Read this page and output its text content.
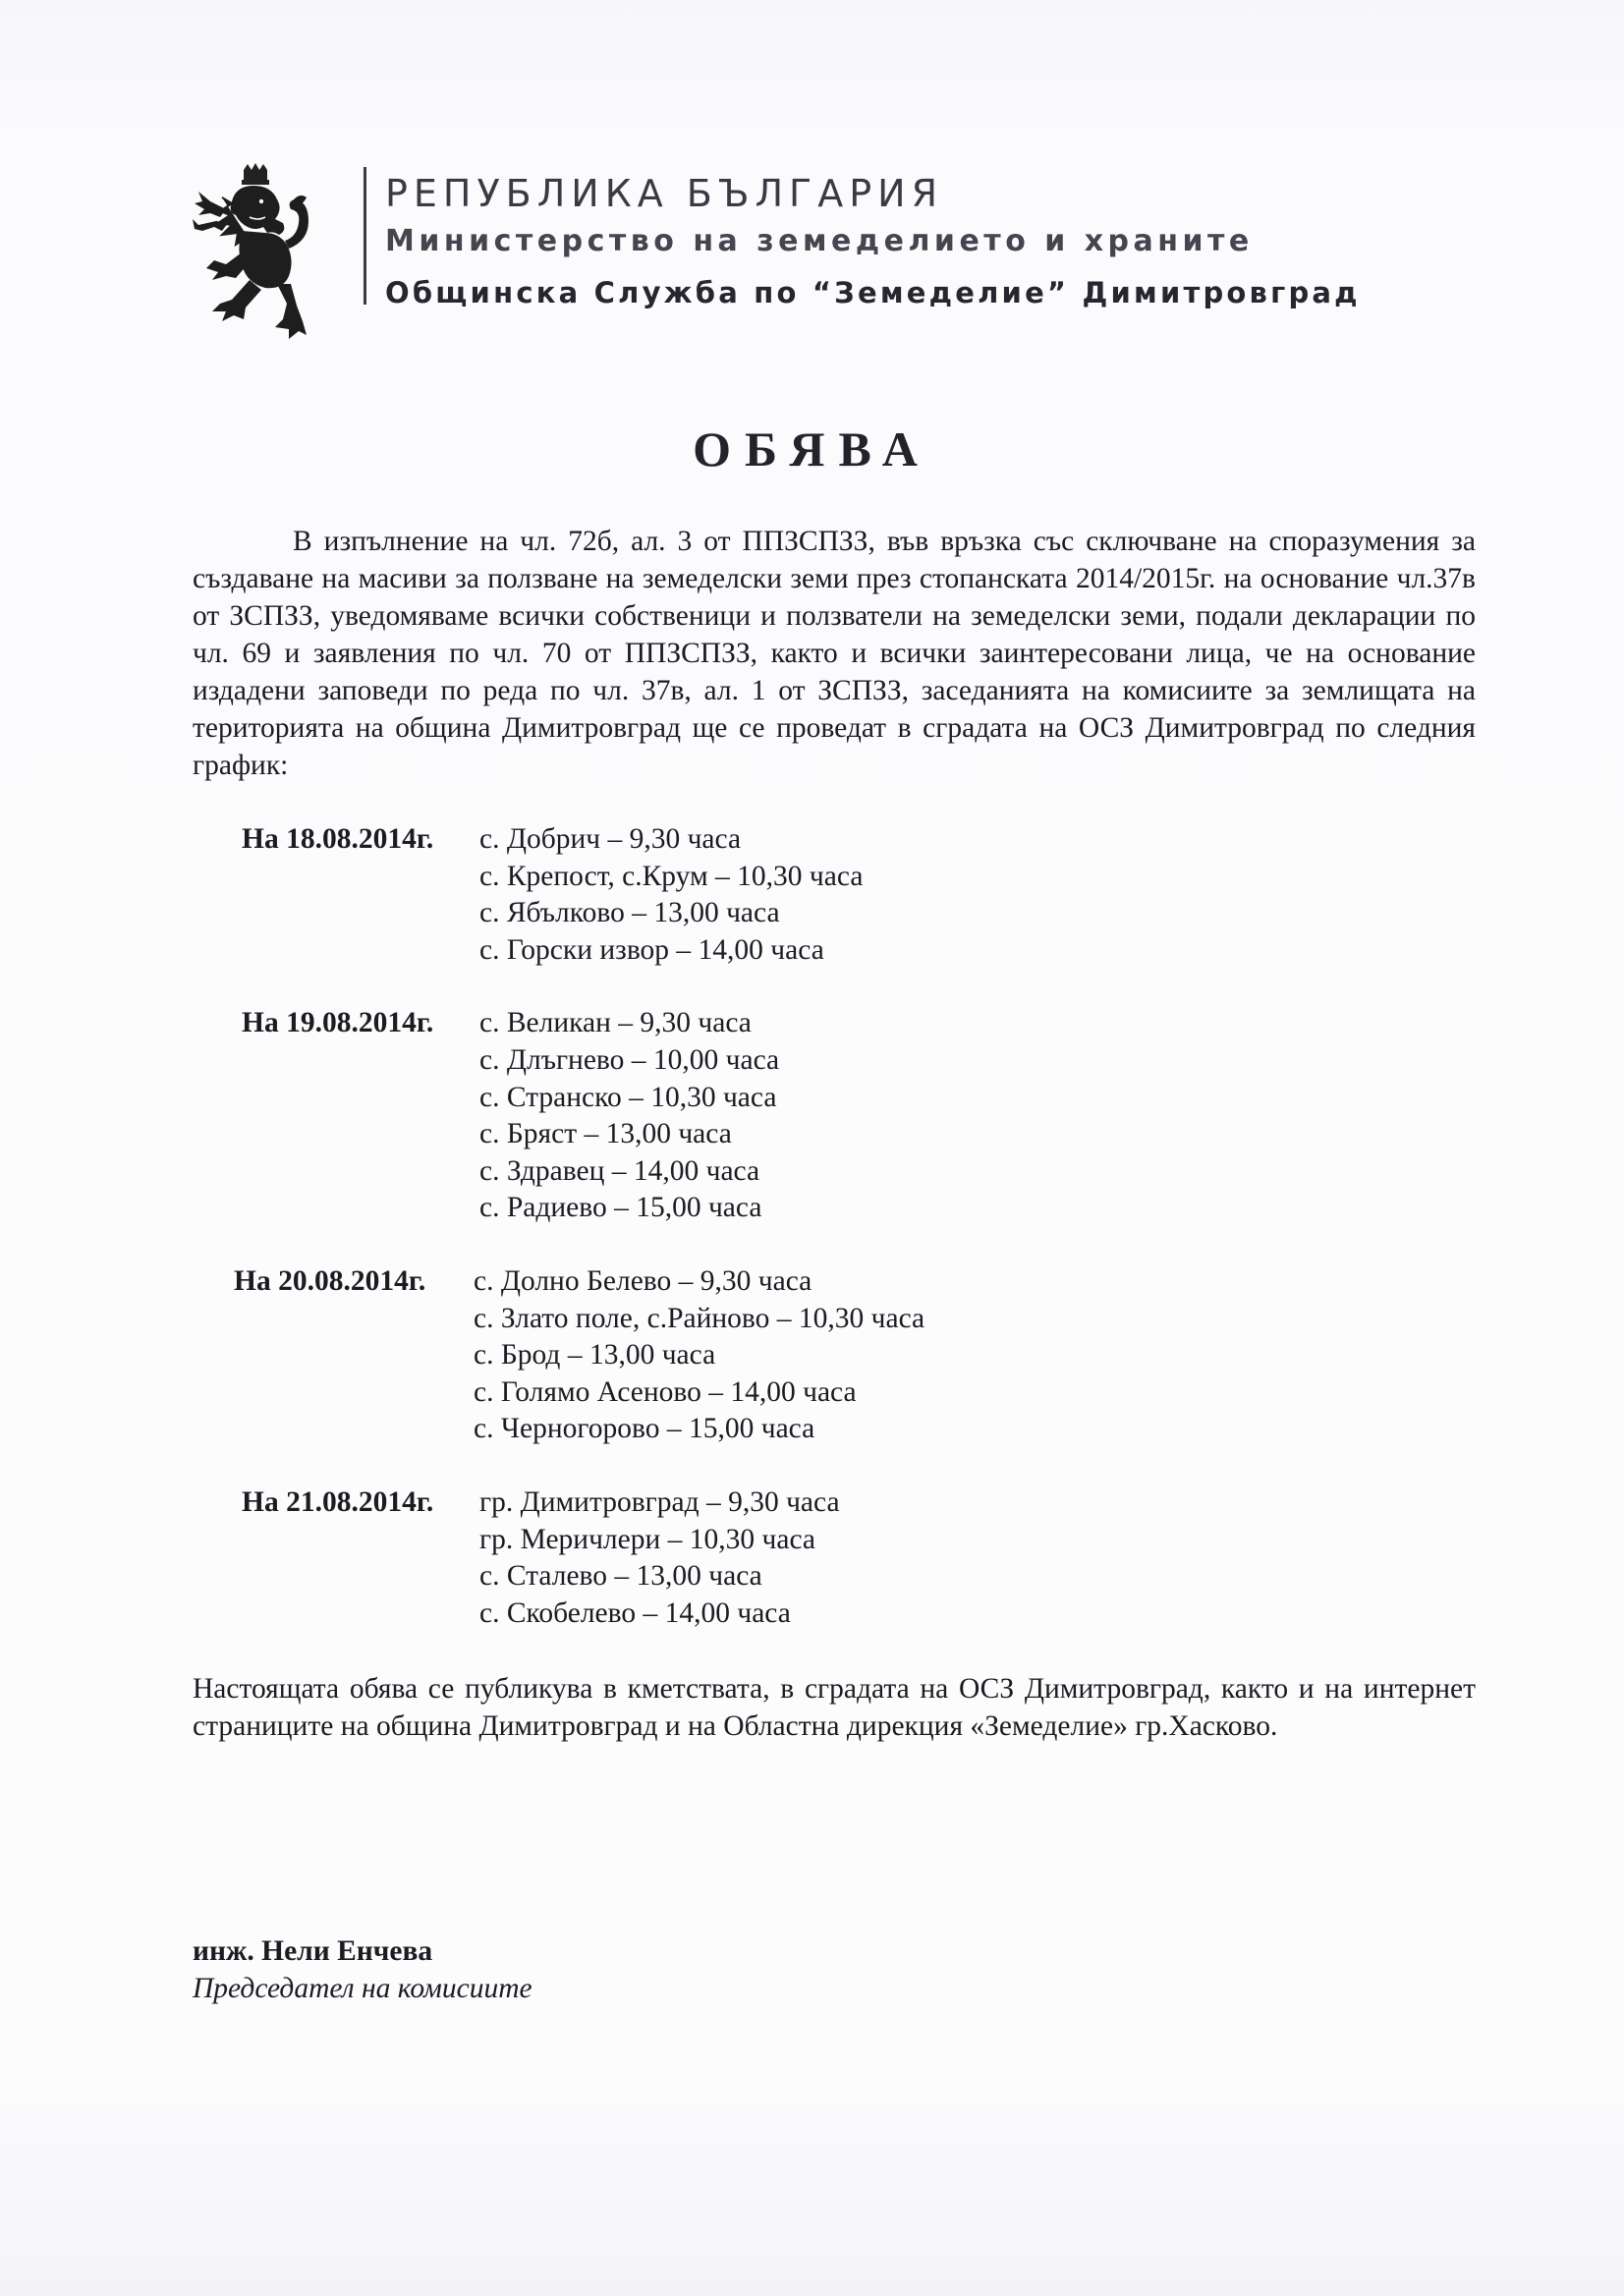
РЕПУБЛИКА БЪЛГАРИЯ
Министерство на земеделието и храните
Общинска Служба по “Земеделие” Димитровград
ОБЯВА

В изпълнение на чл. 72б, ал. 3 от ППЗСПЗЗ, във връзка със сключване на споразумения за създаване на масиви за ползване на земеделски земи през стопанската 2014/2015г. на основание чл.37в от ЗСПЗЗ, уведомяваме всички собственици и ползватели на земеделски земи, подали декларации по чл. 69 и заявления по чл. 70 от ППЗСПЗЗ, както и всички заинтересовани лица, че на основание издадени заповеди по реда по чл. 37в, ал. 1 от ЗСПЗЗ, заседанията на комисиите за землищата на територията на община Димитровград ще се проведат в сградата на ОСЗ Димитровград по следния график:

На 18.08.2014г. с. Добрич – 9,30 часа
с. Крепост, с.Крум – 10,30 часа
с. Ябълково – 13,00 часа
с. Горски извор – 14,00 часа
На 19.08.2014г. с. Великан – 9,30 часа
с. Длъгнево – 10,00 часа
с. Странско – 10,30 часа
с. Бряст – 13,00 часа
с. Здравец – 14,00 часа
с. Радиево – 15,00 часа
На 20.08.2014г. с. Долно Белево – 9,30 часа
с. Злато поле, с.Райново – 10,30 часа
с. Брод – 13,00 часа
с. Голямо Асеново – 14,00 часа
с. Черногорово – 15,00 часа
На 21.08.2014г. гр. Димитровград – 9,30 часа
гр. Меричлери – 10,30 часа
с. Сталево – 13,00 часа
с. Скобелево – 14,00 часа
Настоящата обява се публикува в кметствата, в сградата на ОСЗ Димитровград, както и на интернет страниците на община Димитровград и на Областна дирекция «Земеделие» гр.Хасково.
инж. Нели Енчева
Председател на комисиите
